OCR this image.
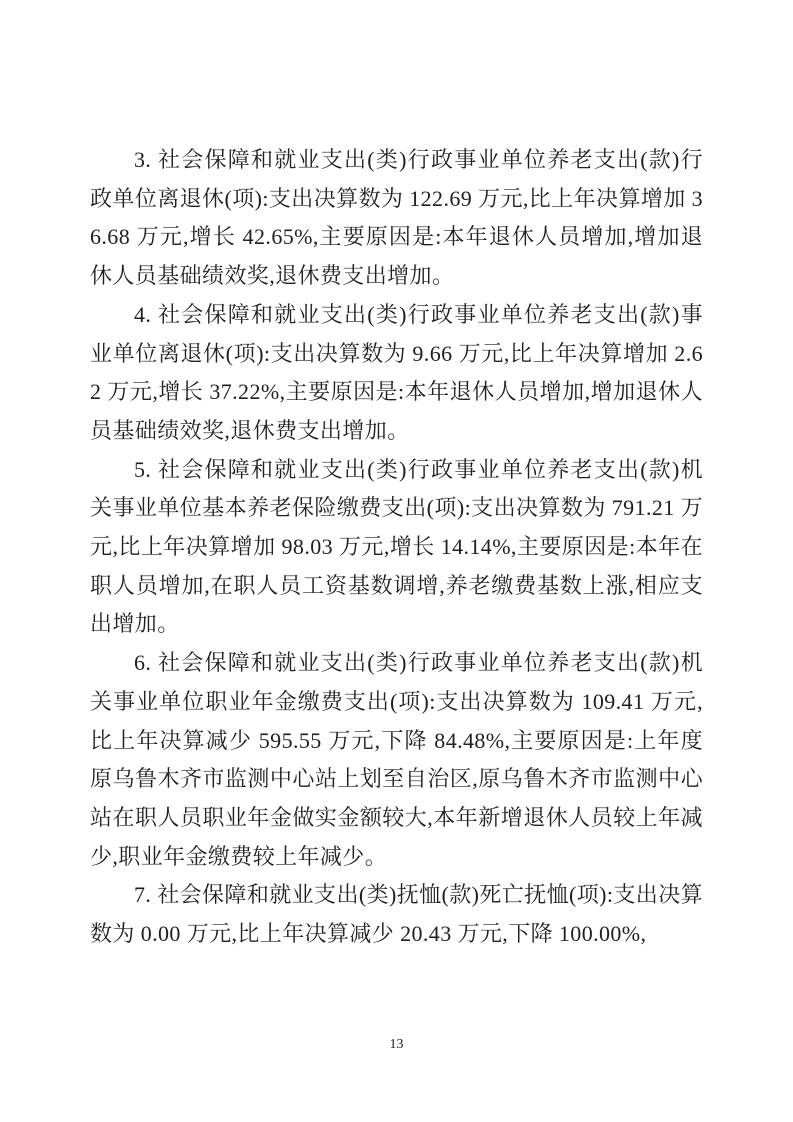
3. 社会保障和就业支出(类)行政事业单位养老支出(款)行政单位离退休(项):支出决算数为 122.69 万元,比上年决算增加 36.68 万元,增长 42.65%,主要原因是:本年退休人员增加,增加退休人员基础绩效奖,退休费支出增加。

4. 社会保障和就业支出(类)行政事业单位养老支出(款)事业单位离退休(项):支出决算数为 9.66 万元,比上年决算增加 2.62 万元,增长 37.22%,主要原因是:本年退休人员增加,增加退休人员基础绩效奖,退休费支出增加。

5. 社会保障和就业支出(类)行政事业单位养老支出(款)机关事业单位基本养老保险缴费支出(项):支出决算数为 791.21 万元,比上年决算增加 98.03 万元,增长 14.14%,主要原因是:本年在职人员增加,在职人员工资基数调增,养老缴费基数上涨,相应支出增加。

6. 社会保障和就业支出(类)行政事业单位养老支出(款)机关事业单位职业年金缴费支出(项):支出决算数为 109.41 万元,比上年决算减少 595.55 万元,下降 84.48%,主要原因是:上年度原乌鲁木齐市监测中心站上划至自治区,原乌鲁木齐市监测中心站在职人员职业年金做实金额较大,本年新增退休人员较上年减少,职业年金缴费较上年减少。

7. 社会保障和就业支出(类)抚恤(款)死亡抚恤(项):支出决算数为 0.00 万元,比上年决算减少 20.43 万元,下降 100.00%,

13
